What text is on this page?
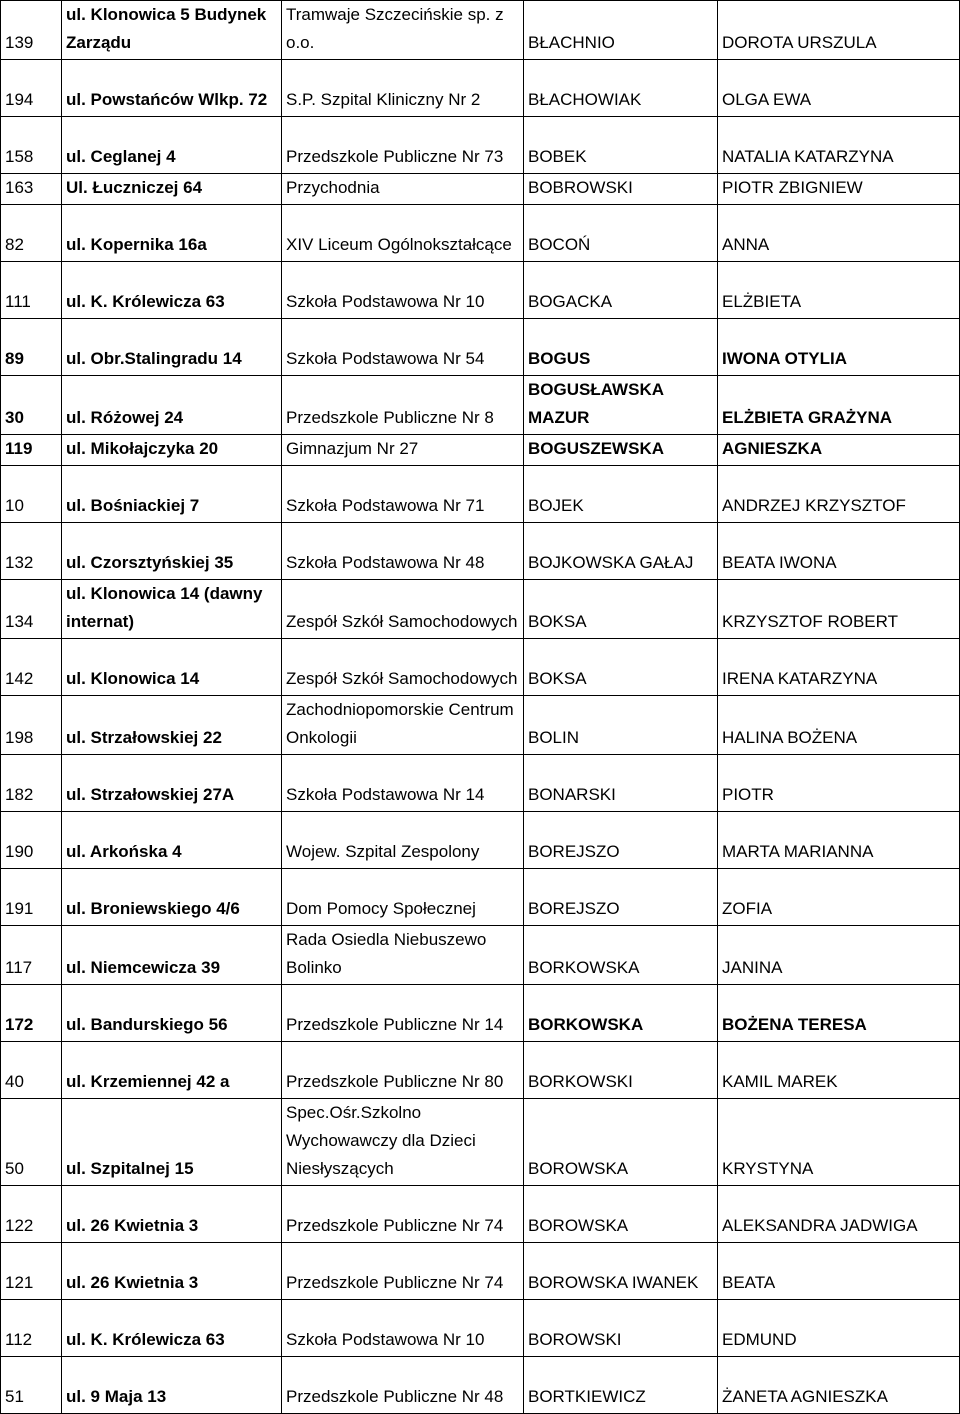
139	ul. Klonowica 5 Budynek Zarządu	Tramwaje Szczecińskie sp. z o.o.	BŁACHNIO	DOROTA URSZULA
194	ul. Powstańców Wlkp. 72	S.P. Szpital Kliniczny Nr 2	BŁACHOWIAK	OLGA EWA
158	ul. Ceglanej 4	Przedszkole Publiczne Nr 73	BOBEK	NATALIA KATARZYNA
163	Ul. Łuczniczej 64	Przychodnia	BOBROWSKI	PIOTR ZBIGNIEW
82	ul. Kopernika 16a	XIV Liceum Ogólnokształcące	BOCOŃ	ANNA
111	ul. K. Królewicza 63	Szkoła Podstawowa Nr 10	BOGACKA	ELŻBIETA
89	ul. Obr.Stalingradu 14	Szkoła Podstawowa Nr 54	BOGUS	IWONA OTYLIA
30	ul. Różowej 24	Przedszkole Publiczne Nr 8	BOGUSŁAWSKA MAZUR	ELŻBIETA GRAŻYNA
119	ul. Mikołajczyka 20	Gimnazjum Nr 27	BOGUSZEWSKA	AGNIESZKA
10	ul. Bośniackiej 7	Szkoła Podstawowa Nr 71	BOJEK	ANDRZEJ KRZYSZTOF
132	ul. Czorsztyńskiej 35	Szkoła Podstawowa Nr 48	BOJKOWSKA GAŁAJ	BEATA IWONA
134	ul. Klonowica 14 (dawny internat)	Zespół Szkół Samochodowych	BOKSA	KRZYSZTOF ROBERT
142	ul. Klonowica 14	Zespół Szkół Samochodowych	BOKSA	IRENA KATARZYNA
198	ul. Strzałowskiej 22	Zachodniopomorskie Centrum Onkologii	BOLIN	HALINA BOŻENA
182	ul. Strzałowskiej 27A	Szkoła Podstawowa Nr 14	BONARSKI	PIOTR
190	ul. Arkońska 4	Wojew. Szpital Zespolony	BOREJSZO	MARTA MARIANNA
191	ul. Broniewskiego 4/6	Dom Pomocy Społecznej	BOREJSZO	ZOFIA
117	ul. Niemcewicza 39	Rada Osiedla Niebuszewo Bolinko	BORKOWSKA	JANINA
172	ul. Bandurskiego 56	Przedszkole Publiczne Nr 14	BORKOWSKA	BOŻENA TERESA
40	ul. Krzemiennej 42 a	Przedszkole Publiczne Nr 80	BORKOWSKI	KAMIL MAREK
50	ul. Szpitalnej 15	Spec.Ośr.Szkolno Wychowawczy dla Dzieci Niesłyszących	BOROWSKA	KRYSTYNA
122	ul. 26 Kwietnia 3	Przedszkole Publiczne Nr 74	BOROWSKA	ALEKSANDRA JADWIGA
121	ul. 26 Kwietnia 3	Przedszkole Publiczne Nr 74	BOROWSKA IWANEK	BEATA
112	ul. K. Królewicza 63	Szkoła Podstawowa Nr 10	BOROWSKI	EDMUND
51	ul. 9 Maja 13	Przedszkole Publiczne Nr 48	BORTKIEWICZ	ŻANETA AGNIESZKA
